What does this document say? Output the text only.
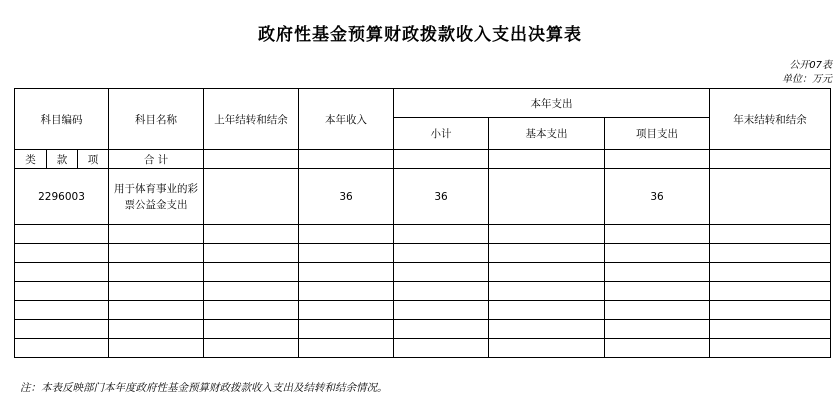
政府性基金预算财政拨款收入支出决算表
公开07表
单位：万元
科目编码			科目名称	上年结转和结余	本年收入	本年支出			年末结转和结余
						小计	基本支出	项目支出	
类	款	项	合 计						
2296003			用于体育事业的彩票公益金支出		36	36		36	

注：本表反映部门本年度政府性基金预算财政拨款收入支出及结转和结余情况。
